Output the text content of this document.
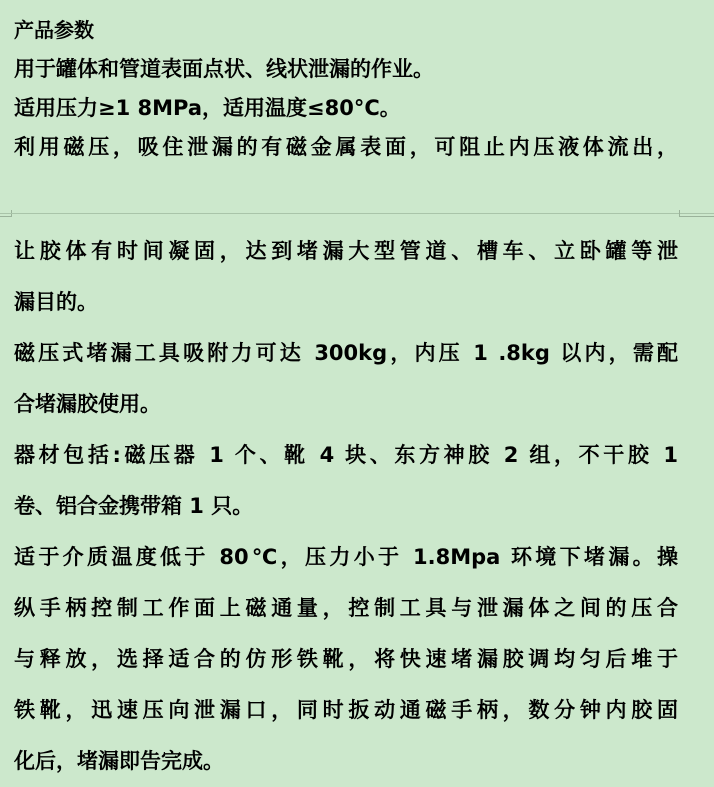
产品参数
用于罐体和管道表面点状、线状泄漏的作业。
适用压力≥1 8MPa，适用温度≤80°C。
利用磁压，吸住泄漏的有磁金属表面，可阻止内压液体流出，
让胶体有时间凝固，达到堵漏大型管道、槽车、立卧罐等泄
漏目的。
磁压式堵漏工具吸附力可达 300kg，内压 1 .8kg 以内，需配
合堵漏胶使用。
器材包括:磁压器 1 个、靴 4 块、东方神胶 2 组，不干胶 1
卷、铝合金携带箱 1 只。
适于介质温度低于 80℃，压力小于 1.8Mpa 环境下堵漏。操
纵手柄控制工作面上磁通量，控制工具与泄漏体之间的压合
与释放，选择适合的仿形铁靴，将快速堵漏胶调均匀后堆于
铁靴，迅速压向泄漏口，同时扳动通磁手柄，数分钟内胶固
化后，堵漏即告完成。
